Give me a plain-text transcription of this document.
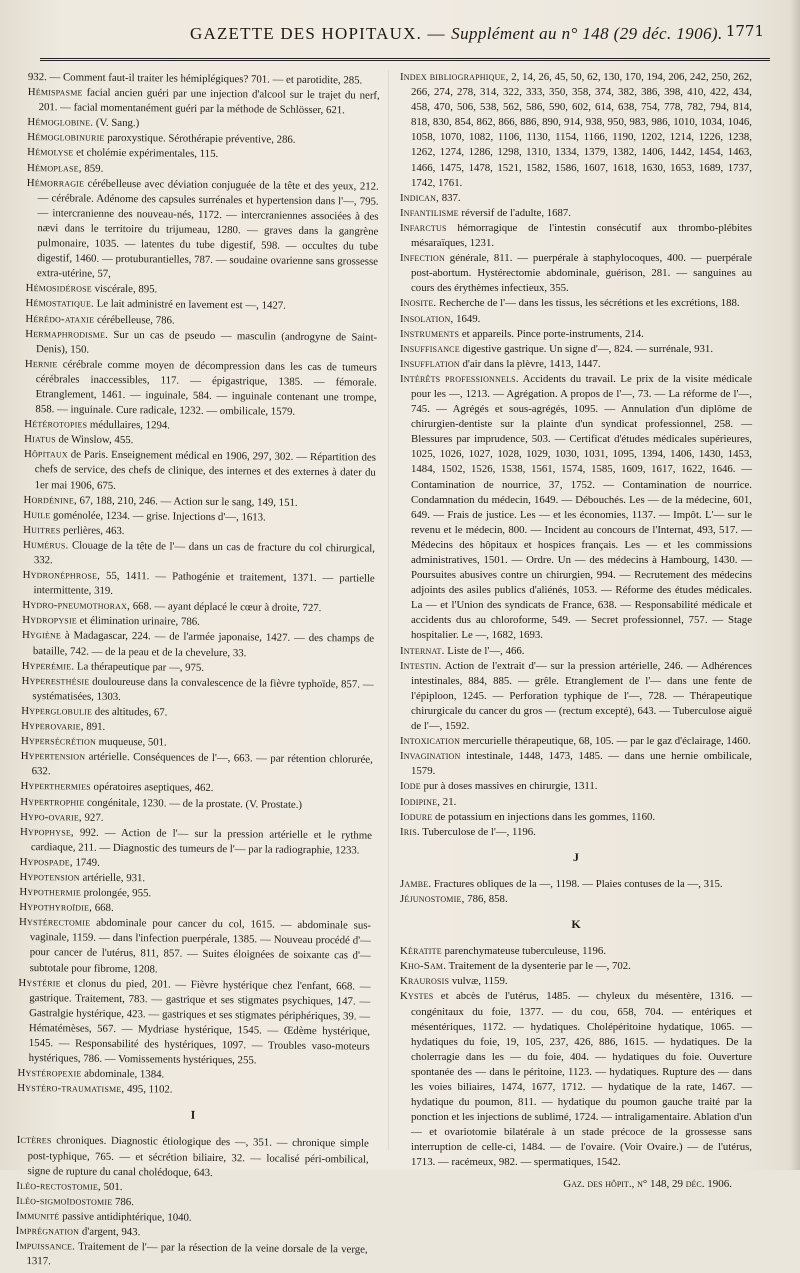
GAZETTE DES HOPITAUX. — Supplément au n° 148 (29 déc. 1906). 1771

932. — Comment faut-il traiter les hémiplégiques? 701. — et parotidite, 285.

Hémispasme facial ancien guéri par une injection d'alcool sur le trajet du nerf, 201. — facial momentanément guéri par la méthode de Schlösser, 621.

Hémoglobine. (V. Sang.)

Hémoglobinurie paroxystique. Sérothérapie préventive, 286.

Hémolyse et cholémie expérimentales, 115.

Hémoplase, 859.

Hémorragie cérébelleuse avec déviation conjuguée de la tête et des yeux, 212. — cérébrale. Adénome des capsules surrénales et hypertension dans l'—, 795. — intercranienne des nouveau-nés, 1172. — intercraniennes associées à des nævi dans le territoire du trijumeau, 1280. — graves dans la gangrène pulmonaire, 1035. — latentes du tube digestif, 598. — occultes du tube digestif, 1460. — protuburantielles, 787. — soudaine ovarienne sans grossesse extra-utérine, 57,

Hémosidérose viscérale, 895.

Hémostatique. Le lait administré en lavement est —, 1427.

Hérédo-ataxie cérébelleuse, 786.

Hermaphrodisme. Sur un cas de pseudo — masculin (androgyne de Saint-Denis), 150.

Hernie cérébrale comme moyen de décompression dans les cas de tumeurs cérébrales inaccessibles, 117. — épigastrique, 1385. — fémorale. Etranglement, 1461. — inguinale, 584. — inguinale contenant une trompe, 858. — inguinale. Cure radicale, 1232. — ombilicale, 1579.

Hétérotopies médullaires, 1294.

Hiatus de Winslow, 455.

Hôpitaux de Paris. Enseignement médical en 1906, 297, 302. — Répartition des chefs de service, des chefs de clinique, des internes et des externes à dater du 1er mai 1906, 675.

Hordénine, 67, 188, 210, 246. — Action sur le sang, 149, 151.

Huile goménolée, 1234. — grise. Injections d'—, 1613.

Huitres perlières, 463.

Humérus. Clouage de la tête de l'— dans un cas de fracture du col chirurgical, 332.

Hydronéphrose, 55, 1411. — Pathogénie et traitement, 1371. — partielle intermittente, 319.

Hydro-pneumothorax, 668. — ayant déplacé le cœur à droite, 727.

Hydropysie et élimination urinaire, 786.

Hygiène à Madagascar, 224. — de l'armée japonaise, 1427. — des champs de bataille, 742. — de la peau et de la chevelure, 33.

Hyperémie. La thérapeutique par —, 975.

Hyperesthésie douloureuse dans la convalescence de la fièvre typhoïde, 857. — systématisées, 1303.

Hyperglobulie des altitudes, 67.

Hyperovarie, 891.

Hypersécrétion muqueuse, 501.

Hypertension artérielle. Conséquences de l'—, 663. — par rétention chlorurée, 632.

Hyperthermies opératoires aseptiques, 462.

Hypertrophie congénitale, 1230. — de la prostate. (V. Prostate.)

Hypo-ovarie, 927.

Hypophyse, 992. — Action de l'— sur la pression artérielle et le rythme cardiaque, 211. — Diagnostic des tumeurs de l'— par la radiographie, 1233.

Hypospade, 1749.

Hypotension artérielle, 931.

Hypothermie prolongée, 955.

Hypothyroïdie, 668.

Hystérectomie abdominale pour cancer du col, 1615. — abdominale sus-vaginale, 1159. — dans l'infection puerpérale, 1385. — Nouveau procédé d'— pour cancer de l'utérus, 811, 857. — Suites éloignées de soixante cas d'— subtotale pour fibrome, 1208.

Hystérie et clonus du pied, 201. — Fièvre hystérique chez l'enfant, 668. — gastrique. Traitement, 783. — gastrique et ses stigmates psychiques, 147. — Gastralgie hystérique, 423. — gastriques et ses stigmates périphériques, 39. — Hématémèses, 567. — Mydriase hystérique, 1545. — Œdème hystérique, 1545. — Responsabilité des hystériques, 1097. — Troubles vaso-moteurs hystériques, 786. — Vomissements hystériques, 255.

Hystéropexie abdominale, 1384.

Hystéro-traumatisme, 495, 1102.

I

Ictères chroniques. Diagnostic étiologique des —, 351. — chronique simple post-typhique, 765. — et sécrétion biliaire, 32. — localisé péri-ombilical, signe de rupture du canal cholédoque, 643.

Iléo-rectostomie, 501.

Iléo-sigmoïdostomie 786.

Immunité passive antidiphtérique, 1040.

Imprégnation d'argent, 943.

Impuissance. Traitement de l'— par la résection de la veine dorsale de la verge, 1317.

Index bibliographique, 2, 14, 26, 45, 50, 62, 130, 170, 194, 206, 242, 250, 262, 266, 274, 278, 314, 322, 333, 350, 358, 374, 382, 386, 398, 410, 422, 434, 458, 470, 506, 538, 562, 586, 590, 602, 614, 638, 754, 778, 782, 794, 814, 818, 830, 854, 862, 866, 886, 890, 914, 938, 950, 983, 986, 1010, 1034, 1046, 1058, 1070, 1082, 1106, 1130, 1154, 1166, 1190, 1202, 1214, 1226, 1238, 1262, 1274, 1286, 1298, 1310, 1334, 1379, 1382, 1406, 1442, 1454, 1463, 1466, 1475, 1478, 1521, 1582, 1586, 1607, 1618, 1630, 1653, 1689, 1737, 1742, 1761.

Indican, 837.

Infantilisme réversif de l'adulte, 1687.

Infarctus hémorragique de l'intestin consécutif aux thrombo-plébites mésaraïques, 1231.

Infection générale, 811. — puerpérale à staphylocoques, 400. — puerpérale post-abortum. Hystérectomie abdominale, guérison, 281. — sanguines au cours des érythèmes infectieux, 355.

Inosite. Recherche de l'— dans les tissus, les sécrétions et les excrétions, 188.

Insolation, 1649.

Instruments et appareils. Pince porte-instruments, 214.

Insuffisance digestive gastrique. Un signe d'—, 824. — surrénale, 931.

Insufflation d'air dans la plèvre, 1413, 1447.

Intérêts professionnels. Accidents du travail. Le prix de la visite médicale pour les —, 1213. — Agrégation. A propos de l'—, 73. — La réforme de l'—, 745. — Agrégés et sous-agrégés, 1095. — Annulation d'un diplôme de chirurgien-dentiste sur la plainte d'un syndicat professionnel, 258. — Blessures par imprudence, 503. — Certificat d'études médicales supérieures, 1025, 1026, 1027, 1028, 1029, 1030, 1031, 1095, 1394, 1406, 1430, 1453, 1484, 1502, 1526, 1538, 1561, 1574, 1585, 1609, 1617, 1622, 1646. — Contamination de nourrice, 37, 1752. — Contamination de nourrice. Condamnation du médecin, 1649. — Débouchés. Les — de la médecine, 601, 649. — Frais de justice. Les — et les économies, 1137. — Impôt. L'— sur le revenu et le médecin, 800. — Incident au concours de l'Internat, 493, 517. — Médecins des hôpitaux et hospices français. Les — et les commissions administratives, 1501. — Ordre. Un — des médecins à Hambourg, 1430. — Poursuites abusives contre un chirurgien, 994. — Recrutement des médecins adjoints des asiles publics d'aliénés, 1053. — Réforme des études médicales. La — et l'Union des syndicats de France, 638. — Responsabilité médicale et accidents dus au chloroforme, 549. — Secret professionnel, 757. — Stage hospitalier. Le —, 1682, 1693.

Internat. Liste de l'—, 466.

Intestin. Action de l'extrait d'— sur la pression artérielle, 246. — Adhérences intestinales, 884, 885. — grêle. Etranglement de l'— dans une fente de l'épiploon, 1245. — Perforation typhique de l'—, 728. — Thérapeutique chirurgicale du cancer du gros — (rectum excepté), 643. — Tuberculose aiguë de l'—, 1592.

Intoxication mercurielle thérapeutique, 68, 105. — par le gaz d'éclairage, 1460.

Invagination intestinale, 1448, 1473, 1485. — dans une hernie ombilicale, 1579.

Iode pur à doses massives en chirurgie, 1311.

Iodipine, 21.

Iodure de potassium en injections dans les gommes, 1160.

Iris. Tuberculose de l'—, 1196.

J

Jambe. Fractures obliques de la —, 1198. — Plaies contuses de la —, 315.

Jéjunostomie, 786, 858.

K

Kératite parenchymateuse tuberculeuse, 1196.

Kho-Sam. Traitement de la dysenterie par le —, 702.

Kraurosis vulvæ, 1159.

Kystes et abcès de l'utérus, 1485. — chyleux du mésentère, 1316. — congénitaux du foie, 1377. — du cou, 658, 704. — entériques et mésentériques, 1172. — hydatiques. Cholépéritoine hydatique, 1065. — hydatiques du foie, 19, 105, 237, 426, 886, 1615. — hydatiques. De la cholerragie dans les — du foie, 404. — hydatiques du foie. Ouverture spontanée des — dans le péritoine, 1123. — hydatiques. Rupture des — dans les voies biliaires, 1474, 1677, 1712. — hydatique de la rate, 1467. — hydatique du poumon, 811. — hydatique du poumon gauche traité par la ponction et les injections de sublimé, 1724. — intraligamentaire. Ablation d'un — et ovariotomie bilatérale à un stade précoce de la grossesse sans interruption de celle-ci, 1484. — de l'ovaire. (Voir Ovaire.) — de l'utérus, 1713. — racémeux, 982. — spermatiques, 1542.

Gaz. des hôpit., n° 148, 29 déc. 1906.
